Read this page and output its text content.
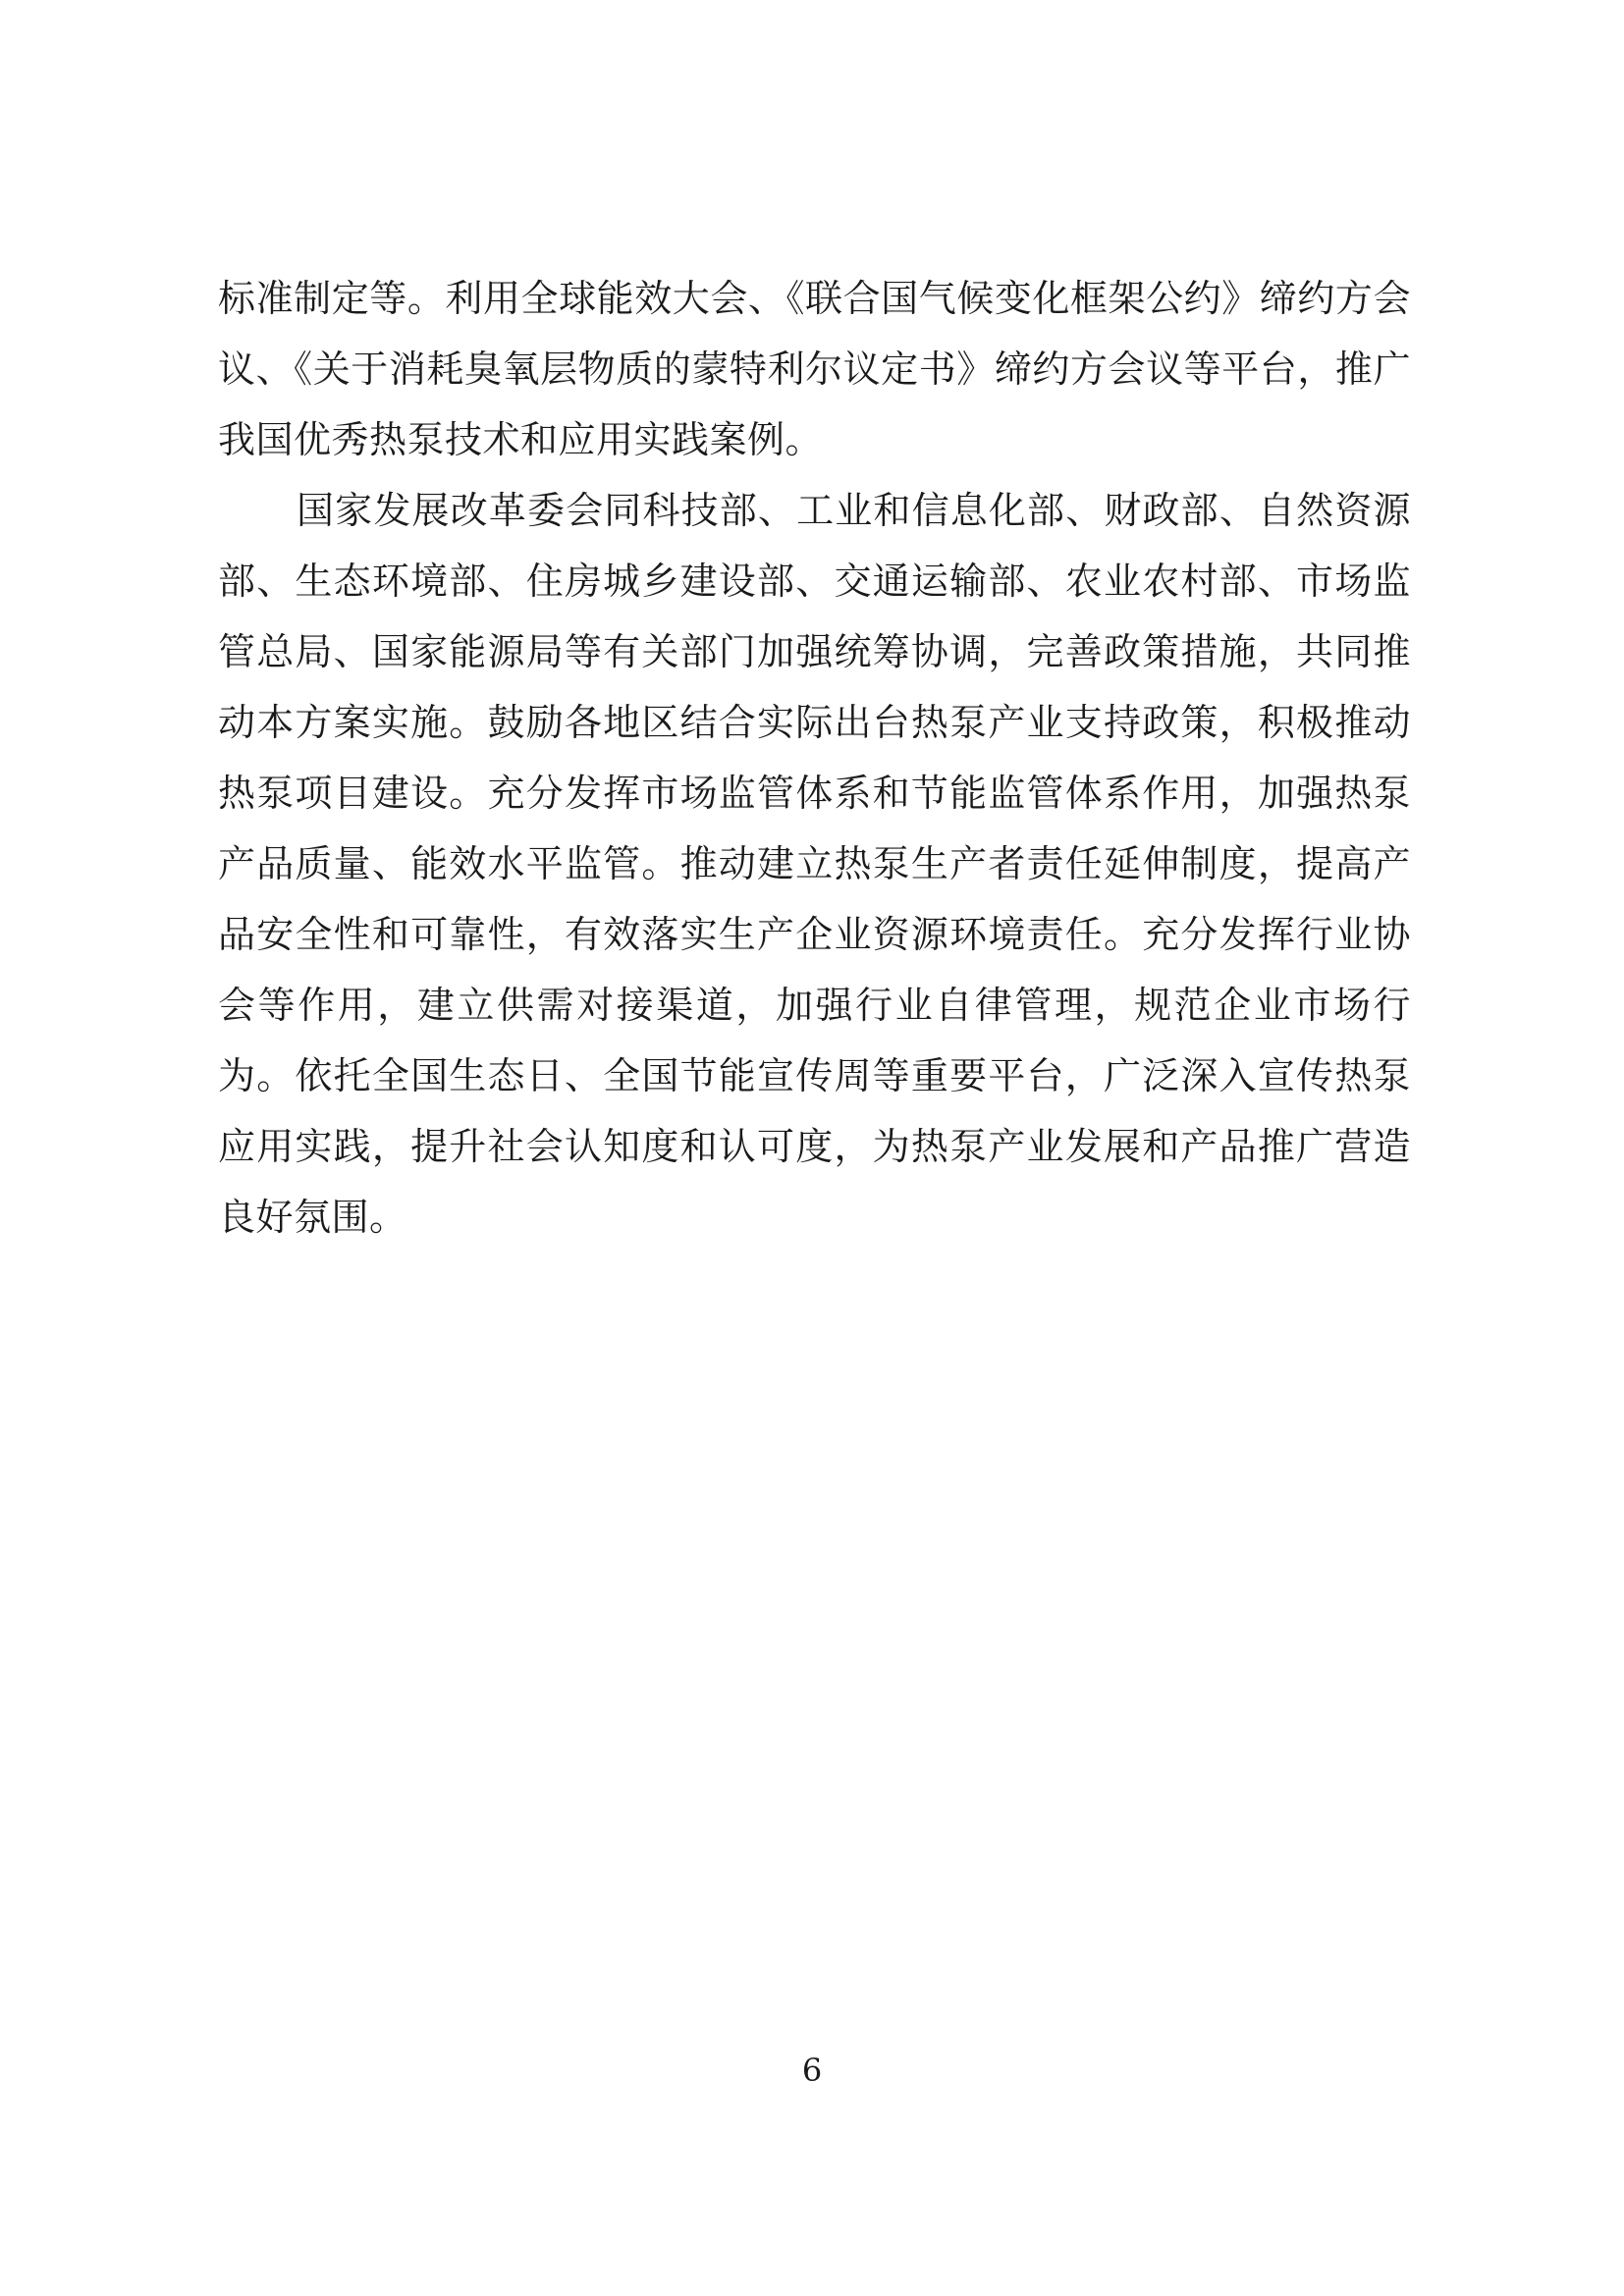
标准制定等。利用全球能效大会、《联合国气候变化框架公约》缔约方会议、《关于消耗臭氧层物质的蒙特利尔议定书》缔约方会议等平台，推广我国优秀热泵技术和应用实践案例。

国家发展改革委会同科技部、工业和信息化部、财政部、自然资源部、生态环境部、住房城乡建设部、交通运输部、农业农村部、市场监管总局、国家能源局等有关部门加强统筹协调，完善政策措施，共同推动本方案实施。鼓励各地区结合实际出台热泵产业支持政策，积极推动热泵项目建设。充分发挥市场监管体系和节能监管体系作用，加强热泵产品质量、能效水平监管。推动建立热泵生产者责任延伸制度，提高产品安全性和可靠性，有效落实生产企业资源环境责任。充分发挥行业协会等作用，建立供需对接渠道，加强行业自律管理，规范企业市场行为。依托全国生态日、全国节能宣传周等重要平台，广泛深入宣传热泵应用实践，提升社会认知度和认可度，为热泵产业发展和产品推广营造良好氛围。

6
